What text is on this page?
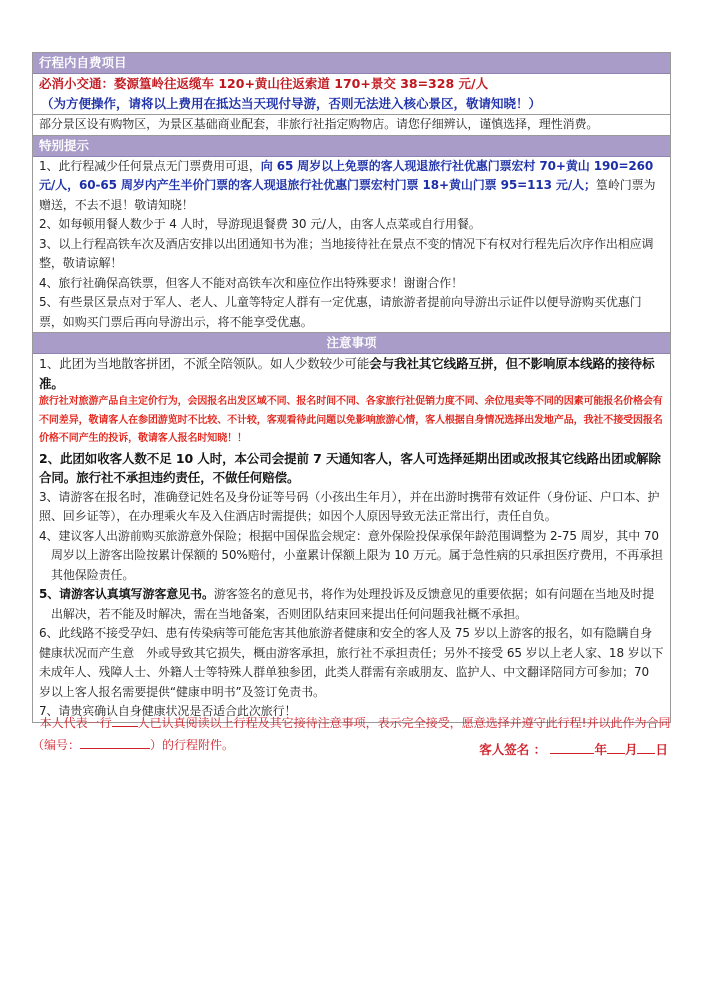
行程内自费项目
必消小交通：婺源篁岭往返缆车 120+黄山往返索道 170+景交 38=328 元/人
（为方便操作，请将以上费用在抵达当天现付导游，否则无法进入核心景区，敬请知晓！）
部分景区设有购物区，为景区基础商业配套，非旅行社指定购物店。请您仔细辨认，谨慎选择，理性消费。
特别提示

1、此行程减少任何景点无门票费用可退，向 65 周岁以上免票的客人现退旅行社优惠门票宏村 70+黄山 190=260 元/人，60-65 周岁内产生半价门票的客人现退旅行社优惠门票宏村门票 18+黄山门票 95=113 元/人；篁岭门票为赠送，不去不退！敬请知晓！

2、如每顿用餐人数少于 4 人时，导游现退餐费 30 元/人，由客人点菜或自行用餐。

3、以上行程高铁车次及酒店安排以出团通知书为准；当地接待社在景点不变的情况下有权对行程先后次序作出相应调整，敬请谅解！

4、旅行社确保高铁票，但客人不能对高铁车次和座位作出特殊要求！谢谢合作！

5、有些景区景点对于军人、老人、儿童等特定人群有一定优惠，请旅游者提前向导游出示证件以便导游购买优惠门票，如购买门票后再向导游出示，将不能享受优惠。

注意事项

1、此团为当地散客拼团，不派全陪领队。如人少数较少可能会与我社其它线路互拼，但不影响原本线路的接待标准。

旅行社对旅游产品自主定价行为，会因报名出发区域不同、报名时间不同、各家旅行社促销力度不同、余位甩卖等不同的因素可能报名价格会有不同差异，敬请客人在参团游览时不比较、不计较，客观看待此问题以免影响旅游心情，客人根据自身情况选择出发地产品，我社不接受因报名价格不同产生的投诉，敬请客人报名时知晓！！

2、此团如收客人数不足 10 人时，本公司会提前 7 天通知客人，客人可选择延期出团或改报其它线路出团或解除合同。旅行社不承担违约责任，不做任何赔偿。

3、请游客在报名时，准确登记姓名及身份证等号码（小孩出生年月），并在出游时携带有效证件（身份证、户口本、护照、回乡证等），在办理乘火车及入住酒店时需提供；如因个人原因导致无法正常出行，责任自负。

4、建议客人出游前购买旅游意外保险；根据中国保监会规定：意外保险投保承保年龄范围调整为 2-75 周岁，其中 70 周岁以上游客出险按累计保额的 50%赔付，小童累计保额上限为 10 万元。属于急性病的只承担医疗费用，不再承担其他保险责任。

5、请游客认真填写游客意见书。游客签名的意见书，将作为处理投诉及反馈意见的重要依据；如有问题在当地及时提出解决，若不能及时解决，需在当地备案，否则团队结束回来提出任何问题我社概不承担。

6、此线路不接受孕妇、患有传染病等可能危害其他旅游者健康和安全的客人及 75 岁以上游客的报名，如有隐瞒自身健康状况而产生意　外或导致其它损失，概由游客承担，旅行社不承担责任；另外不接受 65 岁以上老人家、18 岁以下未成年人、残障人士、外籍人士等特殊人群单独参团，此类人群需有亲戚朋友、监护人、中文翻译陪同方可参加；70 岁以上客人报名需要提供“健康申明书”及签订免责书。

7、请贵宾确认自身健康状况是否适合此次旅行！

本人代表一行 人已认真阅读以上行程及其它接待注意事项，表示完全接受，愿意选择并遵守此行程!并以此作为合同（编号：	）的行程附件。	客人签名 ：	年 月 日
